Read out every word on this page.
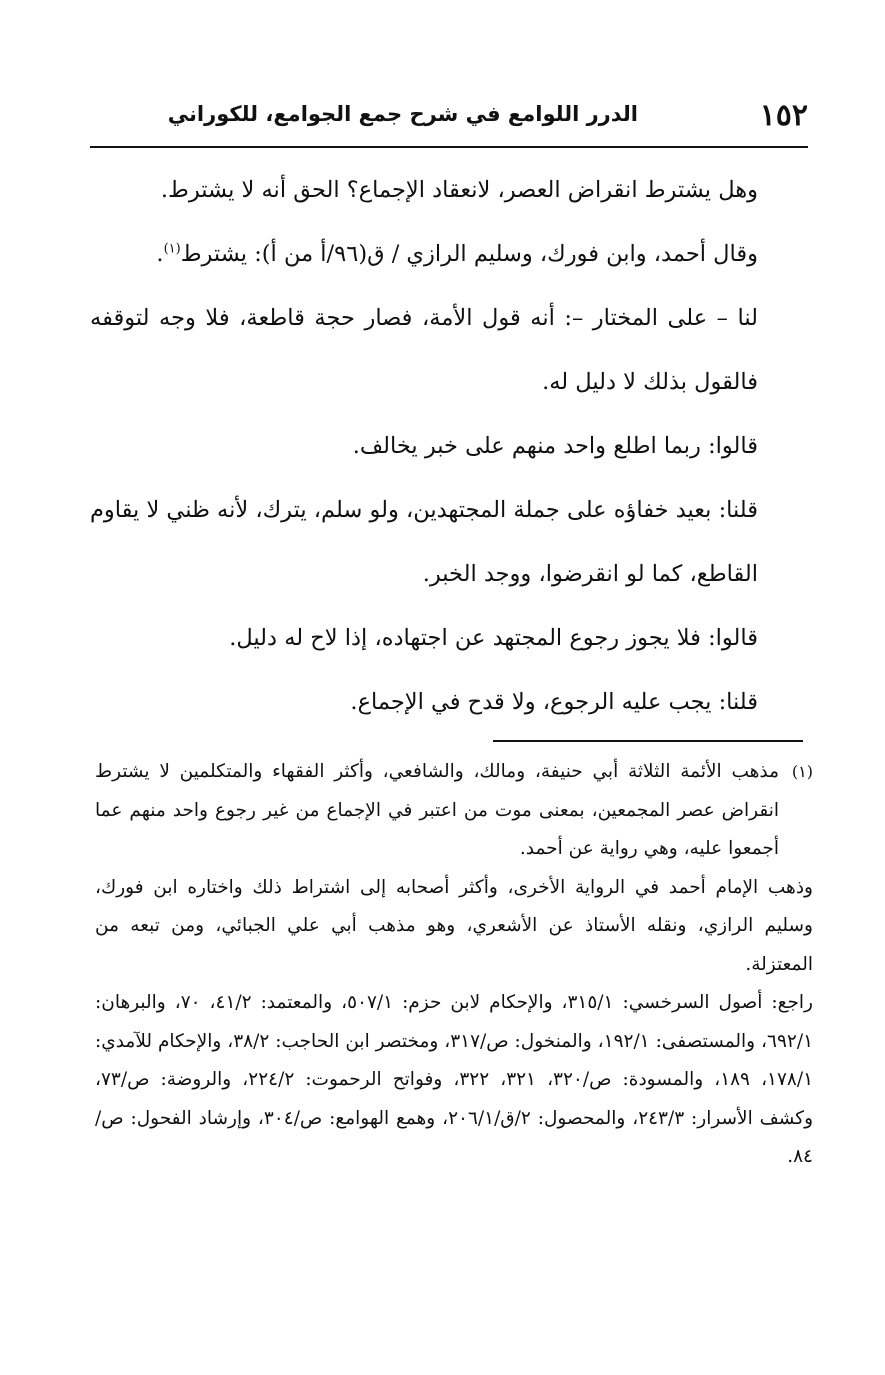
١٥٢
الدرر اللوامع في شرح جمع الجوامع، للكوراني

وهل يشترط انقراض العصر، لانعقاد الإجماع؟ الحق أنه لا يشترط.

وقال أحمد، وابن فورك، وسليم الرازي / ق(٩٦/أ من أ): يشترط$^{(١)}$.

لنا – على المختار –: أنه قول الأمة، فصار حجة قاطعة، فلا وجه لتوقفه فالقول بذلك لا دليل له.

قالوا: ربما اطلع واحد منهم على خبر يخالف.

قلنا: بعيد خفاؤه على جملة المجتهدين، ولو سلم، يترك، لأنه ظني لا يقاوم القاطع، كما لو انقرضوا، ووجد الخبر.

قالوا: فلا يجوز رجوع المجتهد عن اجتهاده، إذا لاح له دليل.

قلنا: يجب عليه الرجوع، ولا قدح في الإجماع.

(١)

مذهب الأئمة الثلاثة أبي حنيفة، ومالك، والشافعي، وأكثر الفقهاء والمتكلمين لا يشترط انقراض عصر المجمعين، بمعنى موت من اعتبر في الإجماع من غير رجوع واحد منهم عما أجمعوا عليه، وهي رواية عن أحمد.

وذهب الإمام أحمد في الرواية الأخرى، وأكثر أصحابه إلى اشتراط ذلك واختاره ابن فورك، وسليم الرازي، ونقله الأستاذ عن الأشعري، وهو مذهب أبي علي الجبائي، ومن تبعه من المعتزلة.

راجع: أصول السرخسي: ٣١٥/١، والإحكام لابن حزم: ٥٠٧/١، والمعتمد: ٤١/٢، ٧٠، والبرهان: ٦٩٢/١، والمستصفى: ١٩٢/١، والمنخول: ص/٣١٧، ومختصر ابن الحاجب: ٣٨/٢، والإحكام للآمدي: ١٧٨/١، ١٨٩، والمسودة: ص/٣٢٠، ٣٢١، ٣٢٢، وفواتح الرحموت: ٢٢٤/٢، والروضة: ص/٧٣، وكشف الأسرار: ٢٤٣/٣، والمحصول: ٢/ق/٢٠٦/١، وهمع الهوامع: ص/٣٠٤، وإرشاد الفحول: ص/٨٤.
